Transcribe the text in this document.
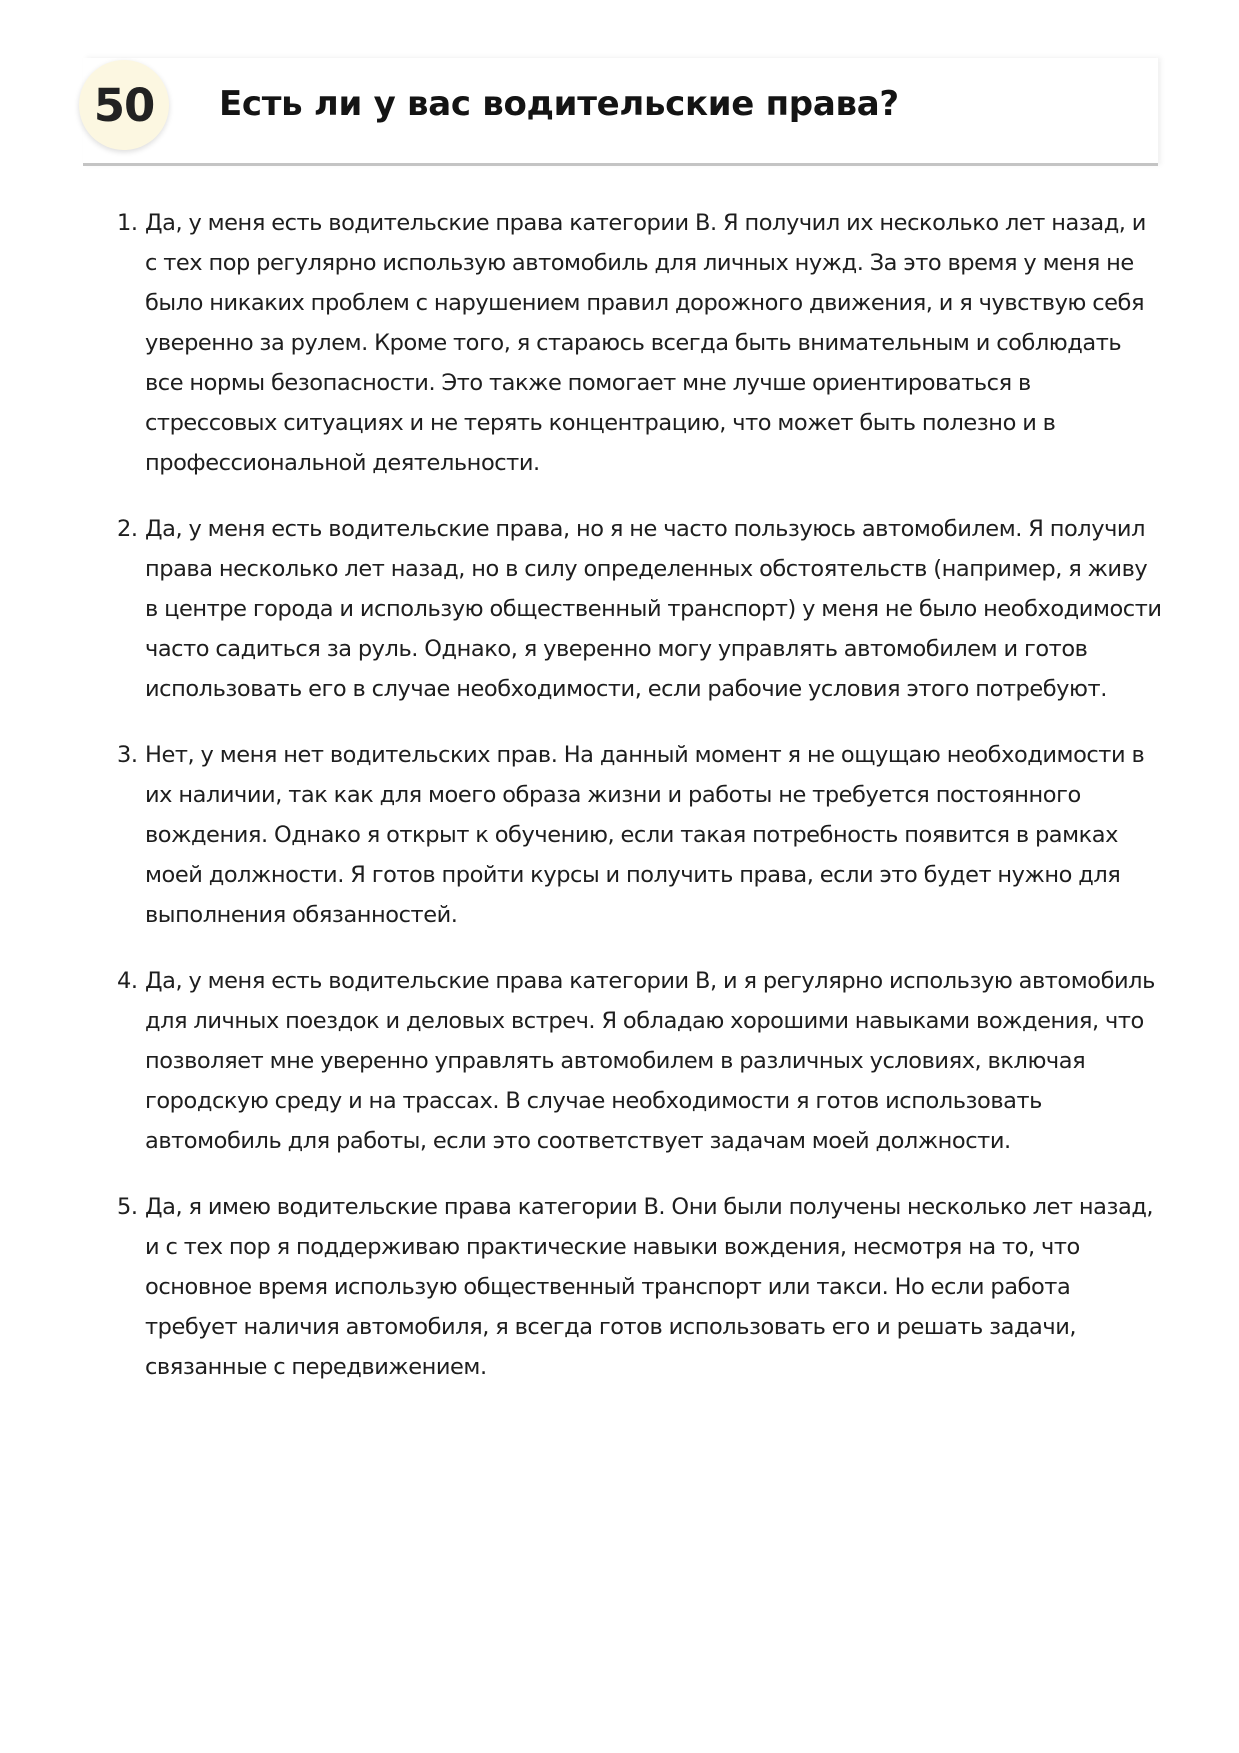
50	Есть ли у вас водительские права?
1. Да, у меня есть водительские права категории B. Я получил их несколько лет назад, и с тех пор регулярно использую автомобиль для личных нужд. За это время у меня не было никаких проблем с нарушением правил дорожного движения, и я чувствую себя уверенно за рулем. Кроме того, я стараюсь всегда быть внимательным и соблюдать все нормы безопасности. Это также помогает мне лучше ориентироваться в стрессовых ситуациях и не терять концентрацию, что может быть полезно и в профессиональной деятельности.
2. Да, у меня есть водительские права, но я не часто пользуюсь автомобилем. Я получил права несколько лет назад, но в силу определенных обстоятельств (например, я живу в центре города и использую общественный транспорт) у меня не было необходимости часто садиться за руль. Однако, я уверенно могу управлять автомобилем и готов использовать его в случае необходимости, если рабочие условия этого потребуют.
3. Нет, у меня нет водительских прав. На данный момент я не ощущаю необходимости в их наличии, так как для моего образа жизни и работы не требуется постоянного вождения. Однако я открыт к обучению, если такая потребность появится в рамках моей должности. Я готов пройти курсы и получить права, если это будет нужно для выполнения обязанностей.
4. Да, у меня есть водительские права категории B, и я регулярно использую автомобиль для личных поездок и деловых встреч. Я обладаю хорошими навыками вождения, что позволяет мне уверенно управлять автомобилем в различных условиях, включая городскую среду и на трассах. В случае необходимости я готов использовать автомобиль для работы, если это соответствует задачам моей должности.
5. Да, я имею водительские права категории B. Они были получены несколько лет назад, и с тех пор я поддерживаю практические навыки вождения, несмотря на то, что основное время использую общественный транспорт или такси. Но если работа требует наличия автомобиля, я всегда готов использовать его и решать задачи, связанные с передвижением.
